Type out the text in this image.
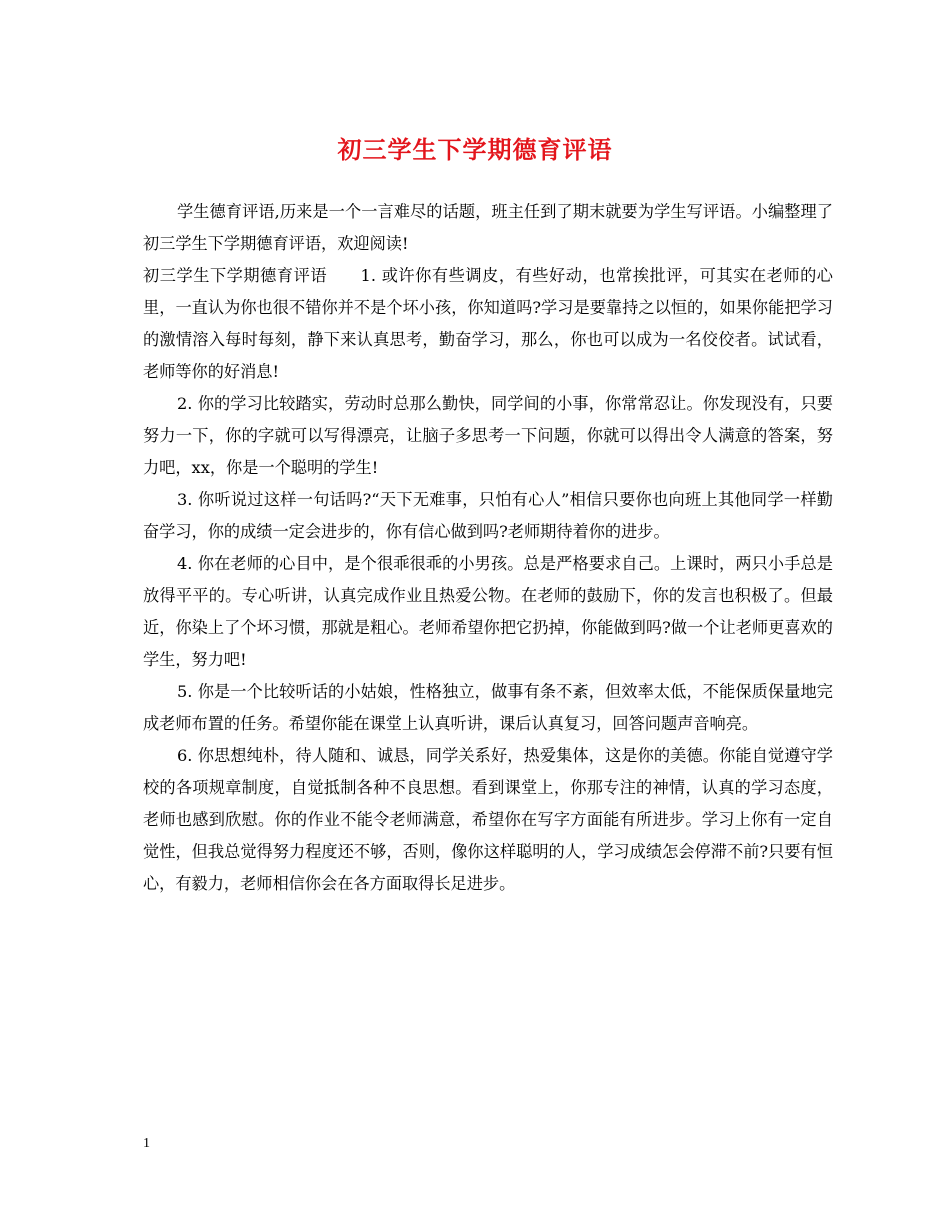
初三学生下学期德育评语

学生德育评语,历来是一个一言难尽的话题，班主任到了期末就要为学生写评语。小编整理了初三学生下学期德育评语，欢迎阅读!

初三学生下学期德育评语　　1. 或许你有些调皮，有些好动，也常挨批评，可其实在老师的心里，一直认为你也很不错你并不是个坏小孩，你知道吗?学习是要靠持之以恒的，如果你能把学习的激情溶入每时每刻，静下来认真思考，勤奋学习，那么，你也可以成为一名佼佼者。试试看，老师等你的好消息!

2. 你的学习比较踏实，劳动时总那么勤快，同学间的小事，你常常忍让。你发现没有，只要努力一下，你的字就可以写得漂亮，让脑子多思考一下问题，你就可以得出令人满意的答案，努力吧，xx，你是一个聪明的学生!

3. 你听说过这样一句话吗?“天下无难事，只怕有心人”相信只要你也向班上其他同学一样勤奋学习，你的成绩一定会进步的，你有信心做到吗?老师期待着你的进步。

4. 你在老师的心目中，是个很乖很乖的小男孩。总是严格要求自己。上课时，两只小手总是放得平平的。专心听讲，认真完成作业且热爱公物。在老师的鼓励下，你的发言也积极了。但最近，你染上了个坏习惯，那就是粗心。老师希望你把它扔掉，你能做到吗?做一个让老师更喜欢的学生，努力吧!

5. 你是一个比较听话的小姑娘，性格独立，做事有条不紊，但效率太低，不能保质保量地完成老师布置的任务。希望你能在课堂上认真听讲，课后认真复习，回答问题声音响亮。

6. 你思想纯朴，待人随和、诚恳，同学关系好，热爱集体，这是你的美德。你能自觉遵守学校的各项规章制度，自觉抵制各种不良思想。看到课堂上，你那专注的神情，认真的学习态度，老师也感到欣慰。你的作业不能令老师满意，希望你在写字方面能有所进步。学习上你有一定自觉性，但我总觉得努力程度还不够，否则，像你这样聪明的人，学习成绩怎会停滞不前?只要有恒心，有毅力，老师相信你会在各方面取得长足进步。

1
